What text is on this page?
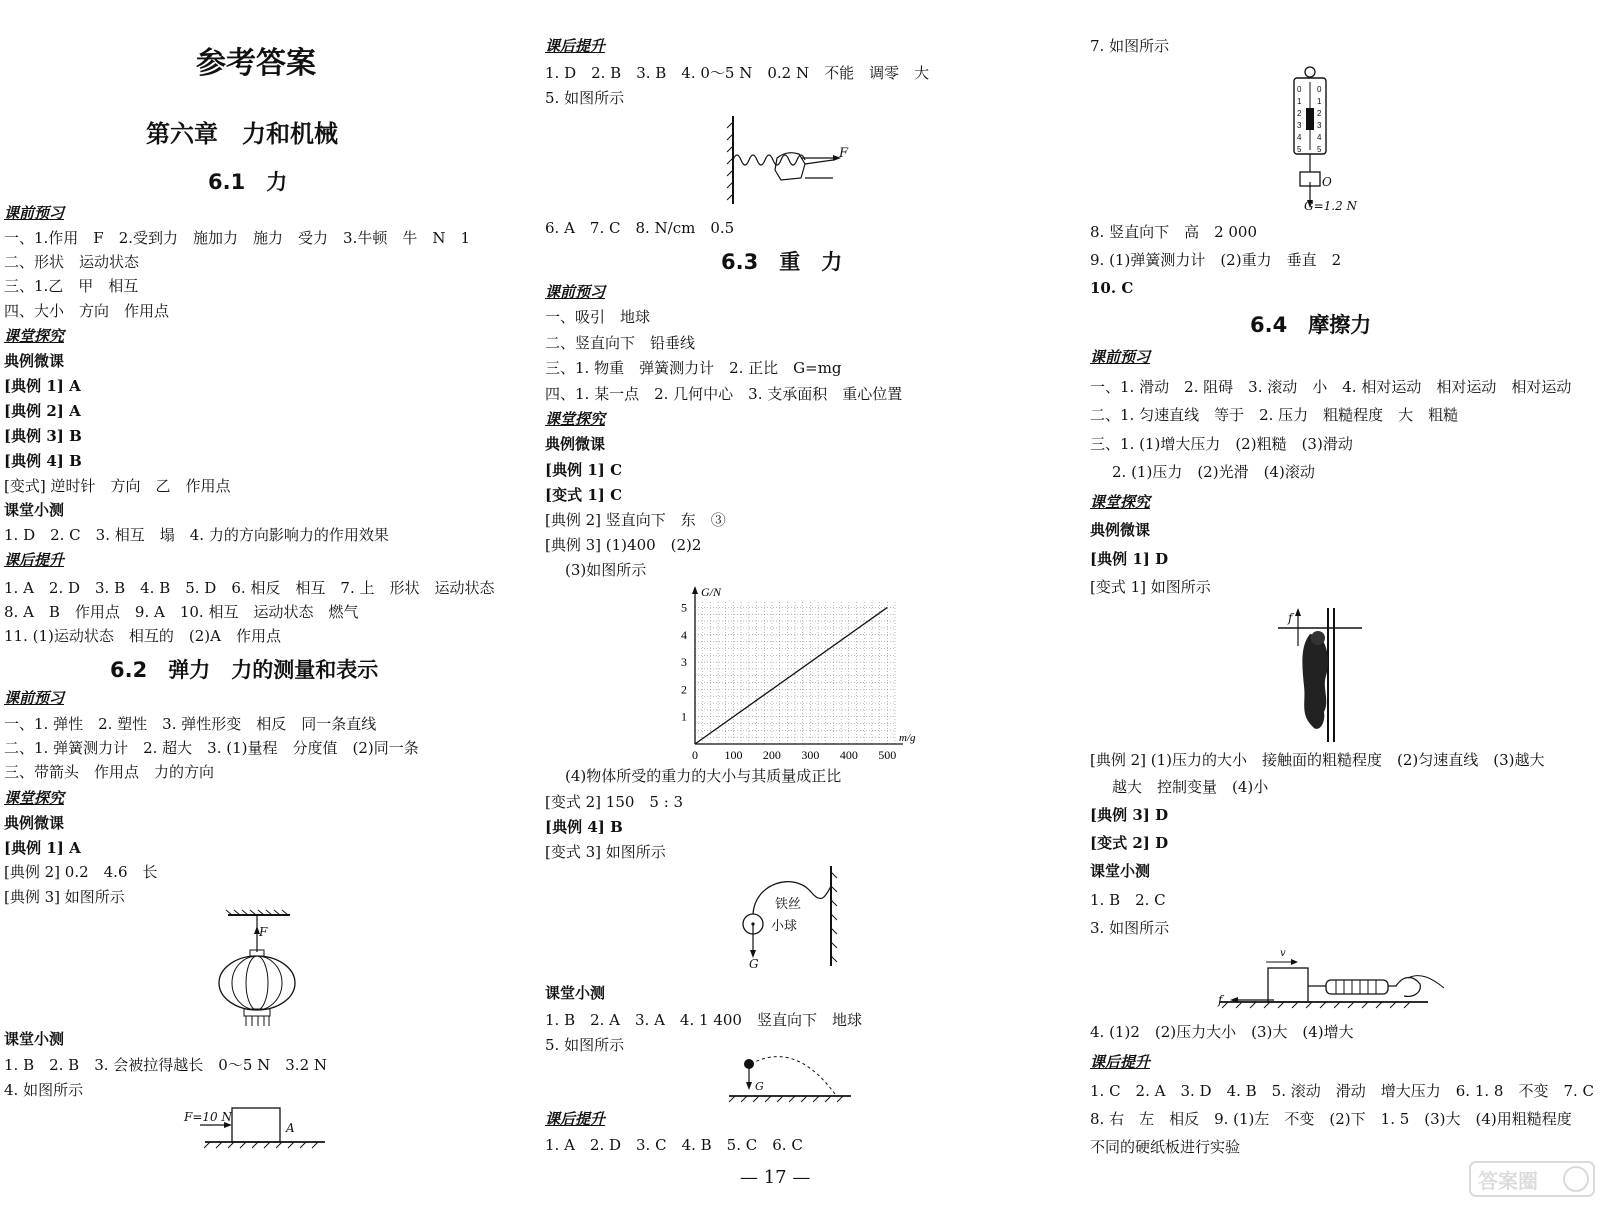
参考答案
第六章　力和机械
6.1　力
课前预习
一、1.作用　F　2.受到力　施加力　施力　受力　3.牛顿　牛　N　1
二、形状　运动状态
三、1.乙　甲　相互
四、大小　方向　作用点
课堂探究
典例微课
[典例 1] A
[典例 2] A
[典例 3] B
[典例 4] B
[变式] 逆时针　方向　乙　作用点
课堂小测
1. D　2. C　3. 相互　塌　4. 力的方向影响力的作用效果
课后提升
1. A　2. D　3. B　4. B　5. D　6. 相反　相互　7. 上　形状　运动状态
8. A　B　作用点　9. A　10. 相互　运动状态　燃气
11. (1)运动状态　相互的　(2)A　作用点
6.2　弹力　力的测量和表示
课前预习
一、1. 弹性　2. 塑性　3. 弹性形变　相反　同一条直线
二、1. 弹簧测力计　2. 超大　3. (1)量程　分度值　(2)同一条
三、带箭头　作用点　力的方向
课堂探究
典例微课
[典例 1] A
[典例 2] 0.2　4.6　长
[典例 3] 如图所示
F
课堂小测
1. B　2. B　3. 会被拉得越长　0～5 N　3.2 N
4. 如图所示
F=10 N
A
课后提升
1. D　2. B　3. B　4. 0～5 N　0.2 N　不能　调零　大
5. 如图所示
F
6. A　7. C　8. N/cm　0.5
6.3　重　力
课前预习
一、吸引　地球
二、竖直向下　铅垂线
三、1. 物重　弹簧测力计　2. 正比　G=mg
四、1. 某一点　2. 几何中心　3. 支承面积　重心位置
课堂探究
典例微课
[典例 1] C
[变式 1] C
[典例 2] 竖直向下　东　③
[典例 3] (1)400　(2)2
(3)如图所示
G/N
m/g
0 100 200 300 400 500
1
2
3
4
5
(4)物体所受的重力的大小与其质量成正比
[变式 2] 150　5 : 3
[典例 4] B
[变式 3] 如图所示
铁丝
小球
G
课堂小测
1. B　2. A　3. A　4. 1 400　竖直向下　地球
5. 如图所示
G
课后提升
1. A　2. D　3. C　4. B　5. C　6. C
7. 如图所示
0
1
2
3
4
5
0
1
2
3
4
5
O
G=1.2 N
8. 竖直向下　高　2 000
9. (1)弹簧测力计　(2)重力　垂直　2
10. C
6.4　摩擦力
课前预习
一、1. 滑动　2. 阻碍　3. 滚动　小　4. 相对运动　相对运动　相对运动
二、1. 匀速直线　等于　2. 压力　粗糙程度　大　粗糙
三、1. (1)增大压力　(2)粗糙　(3)滑动
2. (1)压力　(2)光滑　(4)滚动
课堂探究
典例微课
[典例 1] D
[变式 1] 如图所示
f
[典例 2] (1)压力的大小　接触面的粗糙程度　(2)匀速直线　(3)越大
越大　控制变量　(4)小
[典例 3] D
[变式 2] D
课堂小测
1. B　2. C
3. 如图所示
v
f
4. (1)2　(2)压力大小　(3)大　(4)增大
课后提升
1. C　2. A　3. D　4. B　5. 滚动　滑动　增大压力　6. 1. 8　不变　7. C
8. 右　左　相反　9. (1)左　不变　(2)下　1. 5　(3)大　(4)用粗糙程度
不同的硬纸板进行实验
— 17 —	答案圈
